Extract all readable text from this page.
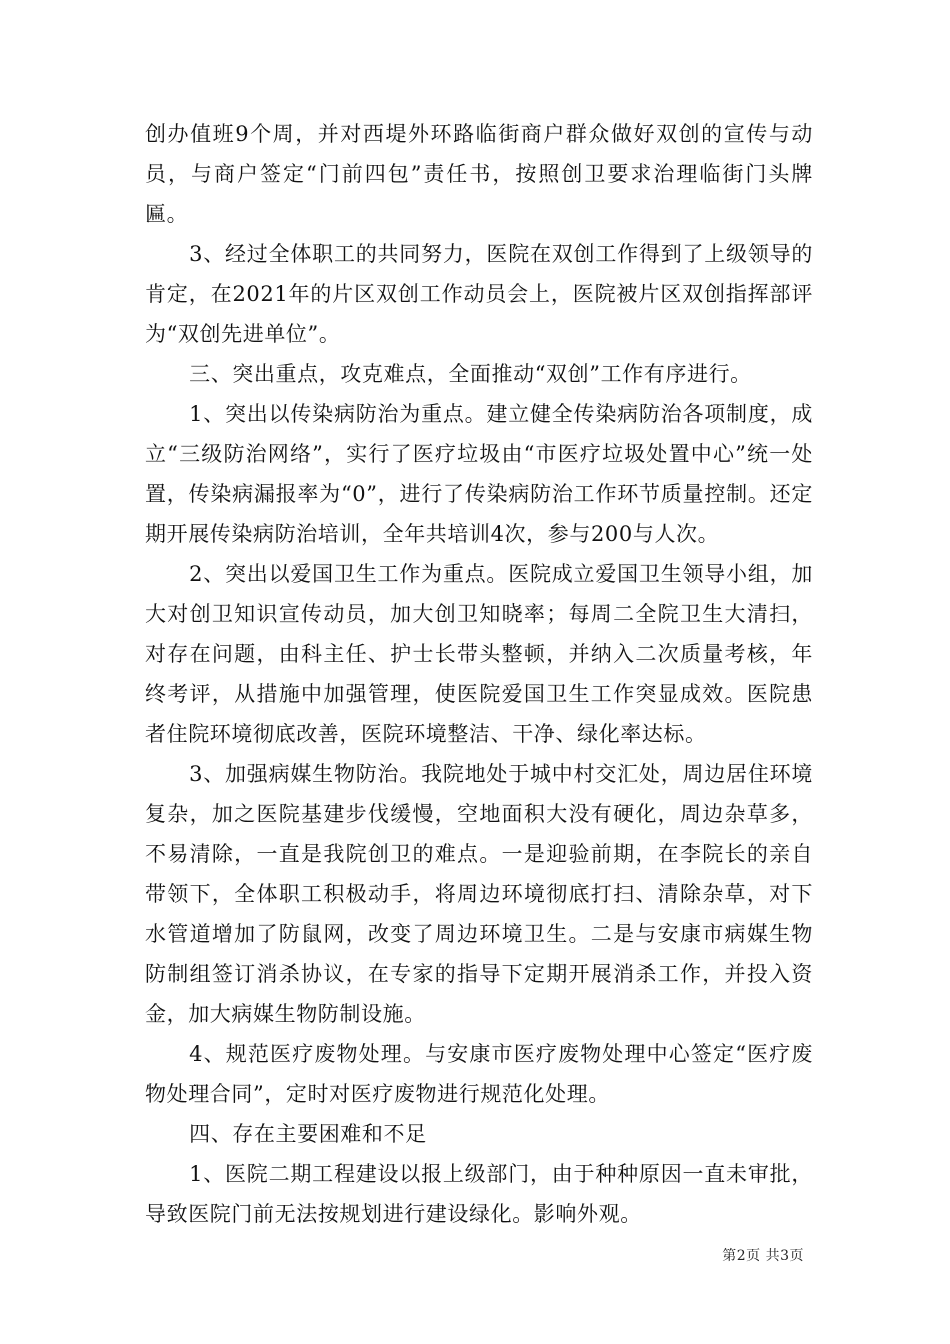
创办值班9个周，并对西堤外环路临街商户群众做好双创的宣传与动员，与商户签定“门前四包”责任书，按照创卫要求治理临街门头牌匾。

3、经过全体职工的共同努力，医院在双创工作得到了上级领导的肯定，在2021年的片区双创工作动员会上，医院被片区双创指挥部评为“双创先进单位”。

三、突出重点，攻克难点，全面推动“双创”工作有序进行。

1、突出以传染病防治为重点。建立健全传染病防治各项制度，成立“三级防治网络”，实行了医疗垃圾由“市医疗垃圾处置中心”统一处置，传染病漏报率为“0”，进行了传染病防治工作环节质量控制。还定期开展传染病防治培训，全年共培训4次，参与200与人次。

2、突出以爱国卫生工作为重点。医院成立爱国卫生领导小组，加大对创卫知识宣传动员，加大创卫知晓率；每周二全院卫生大清扫，对存在问题，由科主任、护士长带头整顿，并纳入二次质量考核，年终考评，从措施中加强管理，使医院爱国卫生工作突显成效。医院患者住院环境彻底改善，医院环境整洁、干净、绿化率达标。

3、加强病媒生物防治。我院地处于城中村交汇处，周边居住环境复杂，加之医院基建步伐缓慢，空地面积大没有硬化，周边杂草多，不易清除，一直是我院创卫的难点。一是迎验前期，在李院长的亲自带领下，全体职工积极动手，将周边环境彻底打扫、清除杂草，对下水管道增加了防鼠网，改变了周边环境卫生。二是与安康市病媒生物防制组签订消杀协议，在专家的指导下定期开展消杀工作，并投入资金，加大病媒生物防制设施。

4、规范医疗废物处理。与安康市医疗废物处理中心签定“医疗废物处理合同”，定时对医疗废物进行规范化处理。

四、存在主要困难和不足

1、医院二期工程建设以报上级部门，由于种种原因一直未审批，导致医院门前无法按规划进行建设绿化。影响外观。

第2页 共3页
